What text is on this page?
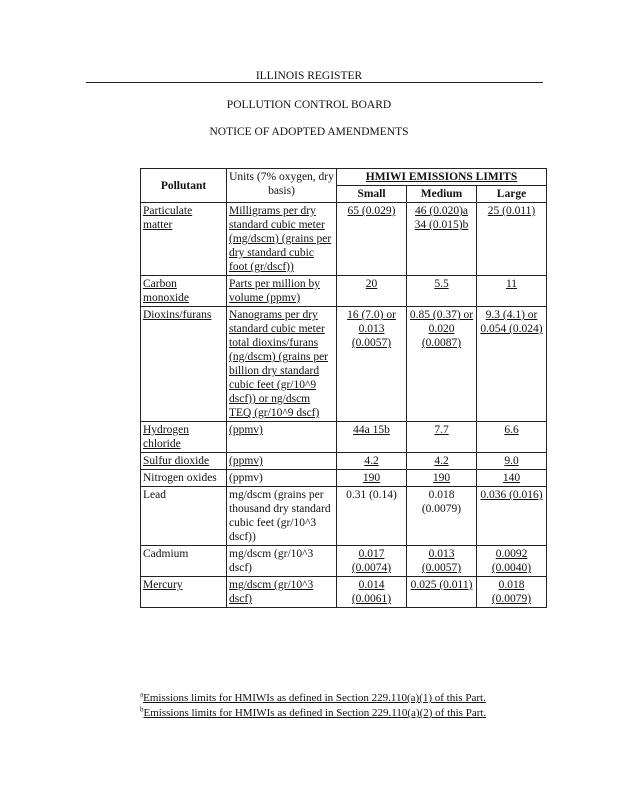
ILLINOIS REGISTER
POLLUTION CONTROL BOARD
NOTICE OF ADOPTED AMENDMENTS
Pollutant	Units (7% oxygen, dry basis)	HMIWI EMISSIONS LIMITS		
		Small	Medium	Large
Particulate matter	Milligrams per dry standard cubic meter (mg/dscm) (grains per dry standard cubic foot (gr/dscf))	65 (0.029)	46 (0.020)a 34 (0.015)b	25 (0.011)
Carbon monoxide	Parts per million by volume (ppmv)	20	5.5	11
Dioxins/furans	Nanograms per dry standard cubic meter total dioxins/furans (ng/dscm) (grains per billion dry standard cubic feet (gr/10^9 dscf)) or ng/dscm TEQ (gr/10^9 dscf)	16 (7.0) or 0.013 (0.0057)	0.85 (0.37) or 0.020 (0.0087)	9.3 (4.1) or 0.054 (0.024)
Hydrogen chloride	(ppmv)	44a 15b	7.7	6.6
Sulfur dioxide	(ppmv)	4.2	4.2	9.0
Nitrogen oxides	(ppmv)	190	190	140
Lead	mg/dscm (grains per thousand dry standard cubic feet (gr/10^3 dscf))	0.31 (0.14)	0.018 (0.0079)	0.036 (0.016)
Cadmium	mg/dscm (gr/10^3 dscf)	0.017 (0.0074)	0.013 (0.0057)	0.0092 (0.0040)
Mercury	mg/dscm (gr/10^3 dscf)	0.014 (0.0061)	0.025 (0.011)	0.018 (0.0079)
$^a$Emissions limits for HMIWIs as defined in Section 229.110(a)(1) of this Part.
$^b$Emissions limits for HMIWIs as defined in Section 229.110(a)(2) of this Part.
